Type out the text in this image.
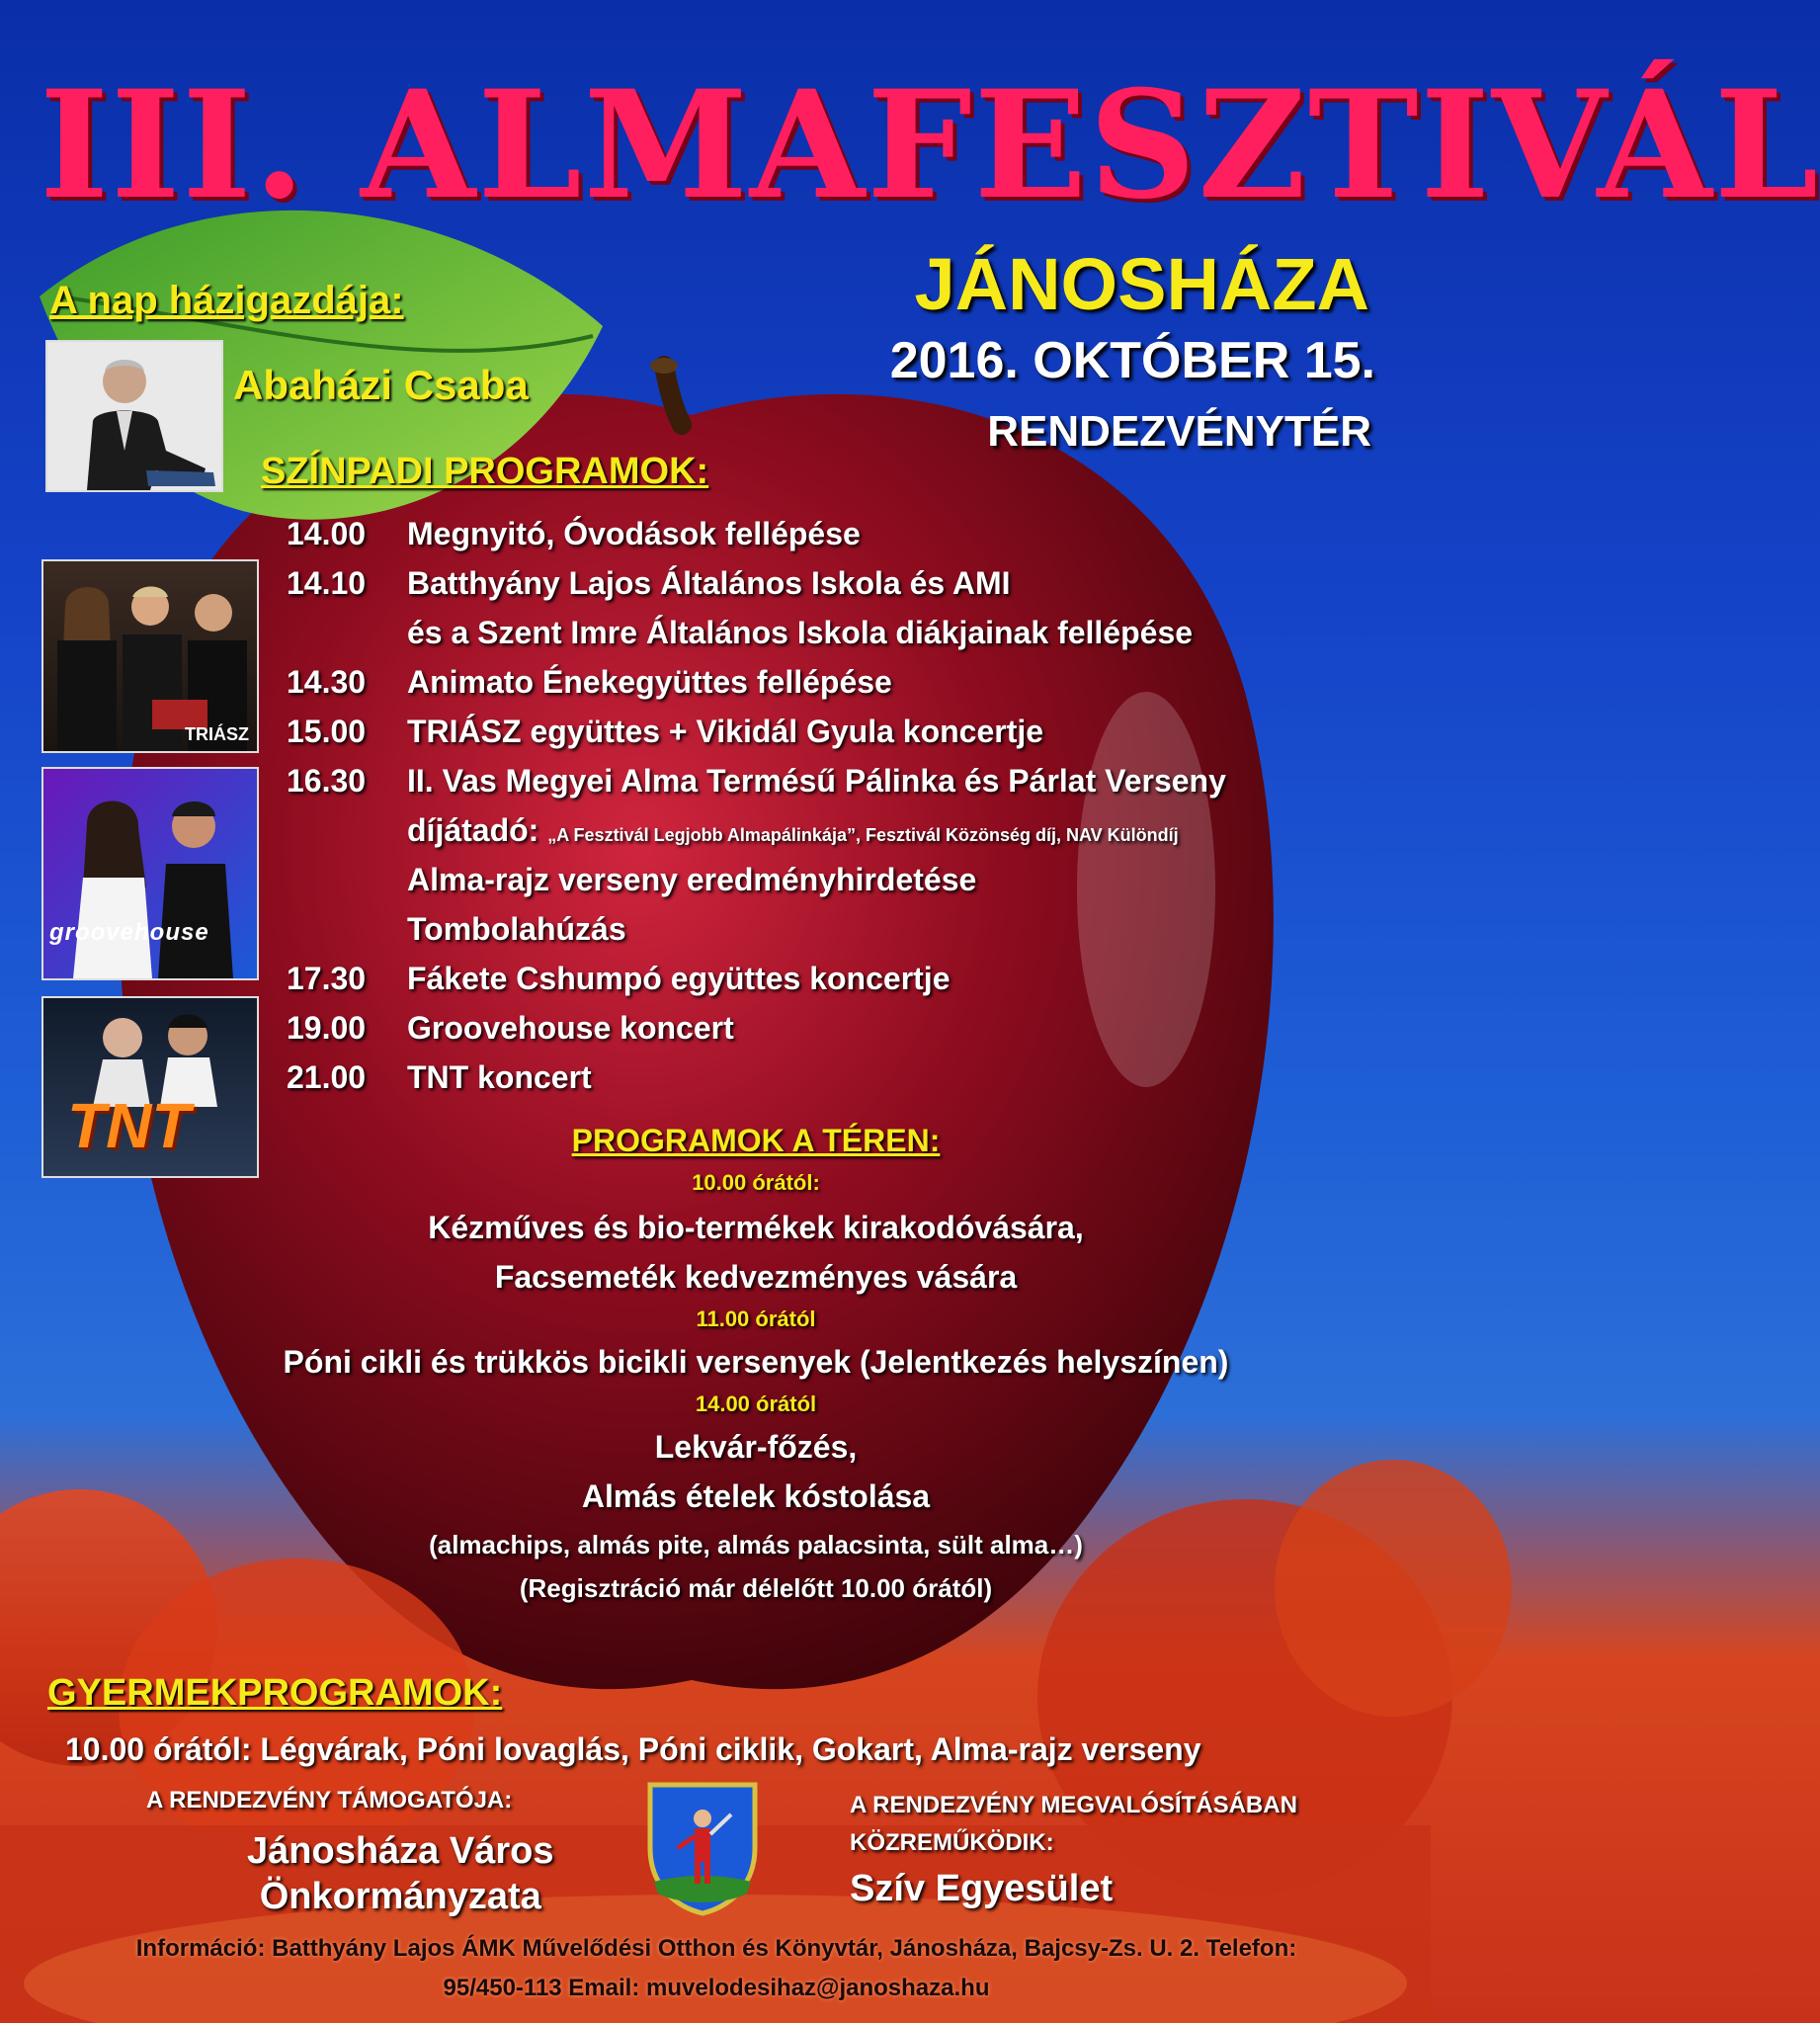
III. ALMAFESZTIVÁL
JÁNOSHÁZA
2016. OKTÓBER 15.
RENDEZVÉNYTÉR
A nap házigazdája:
Abaházi Csaba
SZÍNPADI PROGRAMOK:
TRIÁSZ
groovehouse
TNT
14.00	Megnyitó, Óvodások fellépése
14.10	Batthyány Lajos Általános Iskola és AMI
és a Szent Imre Általános Iskola diákjainak fellépése
14.30	Animato Énekegyüttes fellépése
15.00	TRIÁSZ együttes + Vikidál Gyula koncertje
16.30	II. Vas Megyei Alma Termésű Pálinka és Párlat Verseny
díjátadó: „A Fesztivál Legjobb Almapálinkája”, Fesztivál Közönség díj, NAV Különdíj
Alma-rajz verseny eredményhirdetése
Tombolahúzás
17.30	Fákete Cshumpó együttes koncertje
19.00	Groovehouse koncert
21.00	TNT koncert
PROGRAMOK A TÉREN:
10.00 órától:
Kézműves és bio-termékek kirakodóvására,
Facsemeték kedvezményes vására
11.00 órától
Póni cikli és trükkös bicikli versenyek (Jelentkezés helyszínen)
14.00 órától
Lekvár-főzés,
Almás ételek kóstolása
(almachips, almás pite, almás palacsinta, sült alma…)
(Regisztráció már délelőtt 10.00 órától)
GYERMEKPROGRAMOK:
10.00 órától: Légvárak, Póni lovaglás, Póni ciklik, Gokart, Alma-rajz verseny
A RENDEZVÉNY TÁMOGATÓJA:
Jánosháza Város
Önkormányzata
A RENDEZVÉNY MEGVALÓSÍTÁSÁBAN
KÖZREMŰKÖDIK:
Szív Egyesület
Információ: Batthyány Lajos ÁMK Művelődési Otthon és Könyvtár, Jánosháza, Bajcsy-Zs. U. 2. Telefon:
95/450-113 Email: muvelodesihaz@janoshaza.hu
